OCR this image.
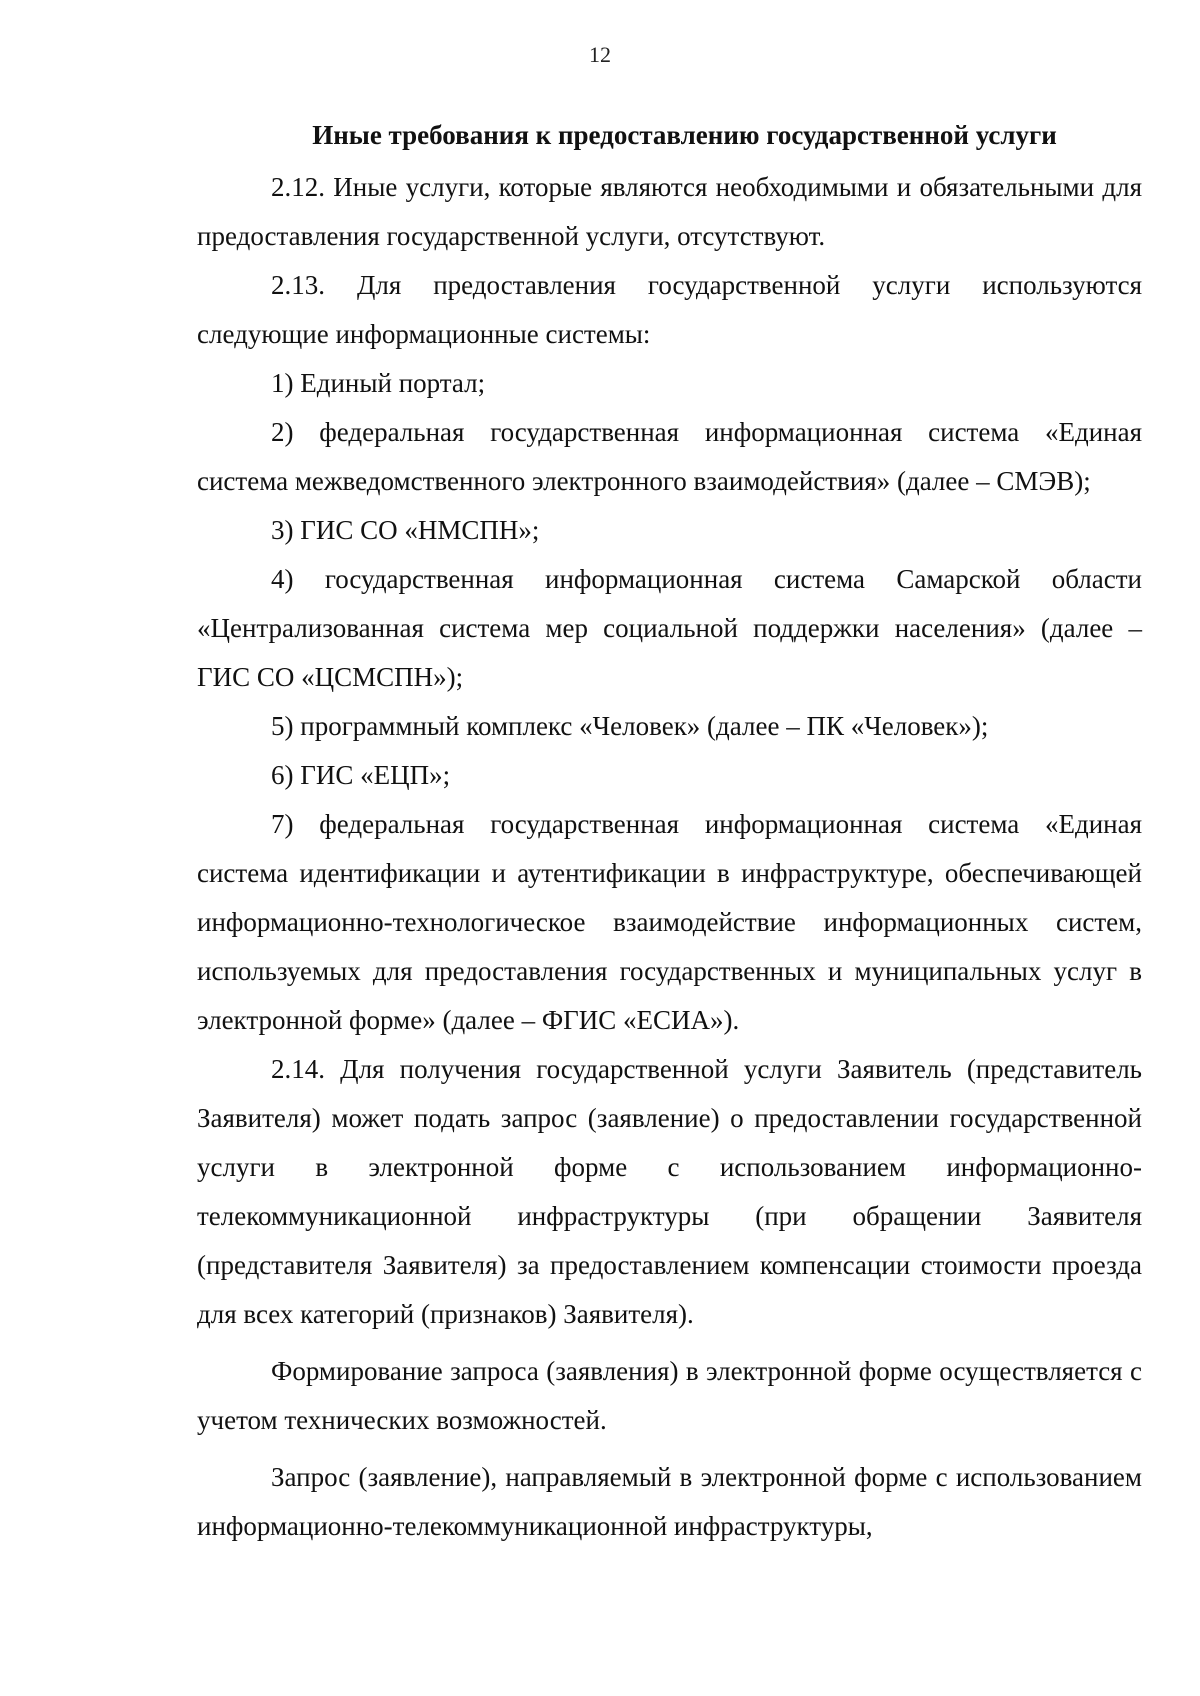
12
Иные требования к предоставлению государственной услуги

2.12. Иные услуги, которые являются необходимыми и обязательными для предоставления государственной услуги, отсутствуют.

2.13. Для предоставления государственной услуги используются следующие информационные системы:

1) Единый портал;

2) федеральная государственная информационная система «Единая система межведомственного электронного взаимодействия» (далее – СМЭВ);

3) ГИС СО «НМСПН»;

4) государственная информационная система Самарской области «Централизованная система мер социальной поддержки населения» (далее – ГИС СО «ЦСМСПН»);

5) программный комплекс «Человек» (далее – ПК «Человек»);

6) ГИС «ЕЦП»;

7) федеральная государственная информационная система «Единая система идентификации и аутентификации в инфраструктуре, обеспечивающей информационно-технологическое взаимодействие информационных систем, используемых для предоставления государственных и муниципальных услуг в электронной форме» (далее – ФГИС «ЕСИА»).

2.14. Для получения государственной услуги Заявитель (представитель Заявителя) может подать запрос (заявление) о предоставлении государственной услуги в электронной форме с использованием информационно-телекоммуникационной инфраструктуры (при обращении Заявителя (представителя Заявителя) за предоставлением компенсации стоимости проезда для всех категорий (признаков) Заявителя).

Формирование запроса (заявления) в электронной форме осуществляется с учетом технических возможностей.

Запрос (заявление), направляемый в электронной форме с использованием информационно-телекоммуникационной инфраструктуры,
